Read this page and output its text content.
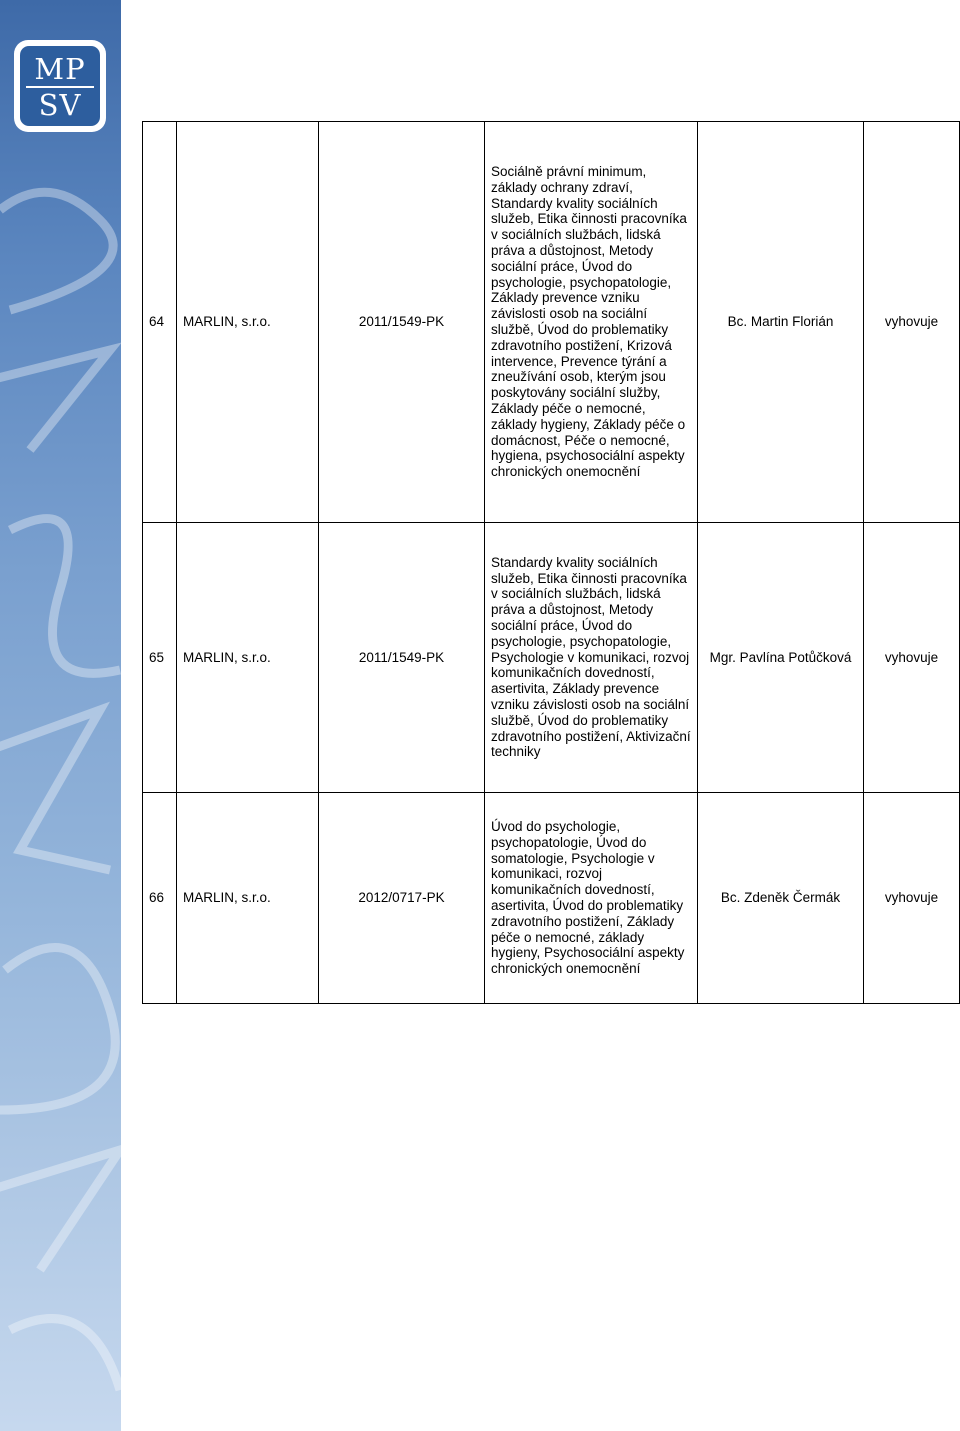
MP
SV
64	MARLIN, s.r.o.	2011/1549-PK	Sociálně právní minimum, základy ochrany zdraví, Standardy kvality sociálních služeb, Etika činnosti pracovníka v sociálních službách, lidská práva a důstojnost, Metody sociální práce, Úvod do psychologie, psychopatologie, Základy prevence vzniku závislosti osob na sociální službě, Úvod do problematiky zdravotního postižení, Krizová intervence, Prevence týrání a zneužívání osob, kterým jsou poskytovány sociální služby, Základy péče o nemocné, základy hygieny, Základy péče o domácnost, Péče o nemocné, hygiena, psychosociální aspekty chronických onemocnění	Bc. Martin Florián	vyhovuje
65	MARLIN, s.r.o.	2011/1549-PK	Standardy kvality sociálních služeb, Etika činnosti pracovníka v sociálních službách, lidská práva a důstojnost, Metody sociální práce, Úvod do psychologie, psychopatologie, Psychologie v komunikaci, rozvoj komunikačních dovedností, asertivita, Základy prevence vzniku závislosti osob na sociální službě, Úvod do problematiky zdravotního postižení, Aktivizační techniky	Mgr. Pavlína Potůčková	vyhovuje
66	MARLIN, s.r.o.	2012/0717-PK	Úvod do psychologie, psychopatologie, Úvod do somatologie, Psychologie v komunikaci, rozvoj komunikačních dovedností, asertivita, Úvod do problematiky zdravotního postižení, Základy péče o nemocné, základy hygieny, Psychosociální aspekty chronických onemocnění	Bc. Zdeněk Čermák	vyhovuje
